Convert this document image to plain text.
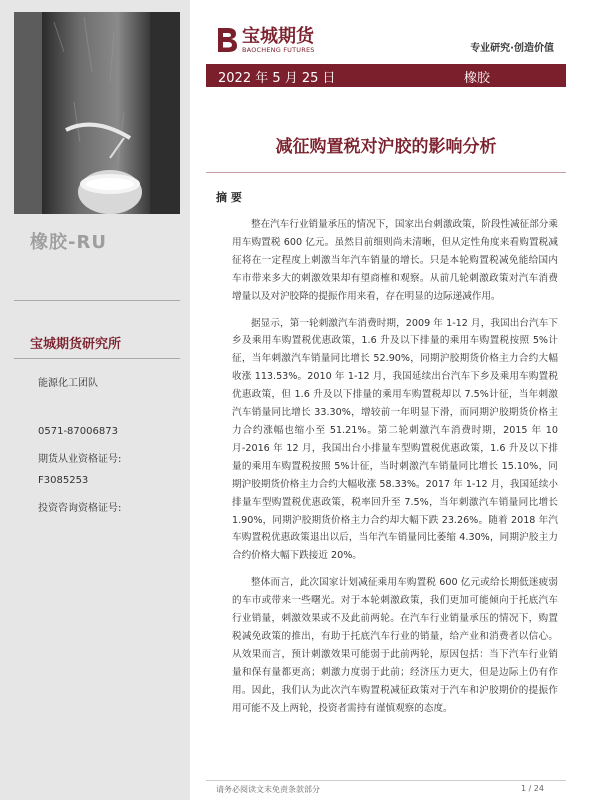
橡胶-RU
宝城期货研究所
能源化工团队
0571-87006873
期货从业资格证号:
F3085253
投资咨询资格证号:
宝城期货
BAOCHENG FUTURES	专业研究·创造价值
2022 年 5 月 25 日	橡胶
减征购置税对沪胶的影响分析
摘 要

整在汽车行业销量承压的情况下，国家出台刺激政策，阶段性减征部分乘用车购置税 600 亿元。虽然目前细则尚未清晰，但从定性角度来看购置税减征将在一定程度上刺激当年汽车销量的增长。只是本轮购置税减免能给国内车市带来多大的刺激效果却有望商榷和观察。从前几轮刺激政策对汽车消费增量以及对沪胶降的提振作用来看，存在明显的边际递减作用。

据显示，第一轮刺激汽车消费时期，2009 年 1-12 月，我国出台汽车下乡及乘用车购置税优惠政策，1.6 升及以下排量的乘用车购置税按照 5%计征，当年刺激汽车销量同比增长 52.90%，同期沪胶期货价格主力合约大幅收涨 113.53%。2010 年 1-12 月，我国延续出台汽车下乡及乘用车购置税优惠政策，但 1.6 升及以下排量的乘用车购置税却以 7.5%计征，当年刺激汽车销量同比增长 33.30%，增较前一年明显下滑，而同期沪胶期货价格主力合约涨幅也缩小至 51.21%。第二轮刺激汽车消费时期，2015 年 10 月-2016 年 12 月，我国出台小排量车型购置税优惠政策，1.6 升及以下排量的乘用车购置税按照 5%计征，当时刺激汽车销量同比增长 15.10%，同期沪胶期货价格主力合约大幅收涨 58.33%。2017 年 1-12 月，我国延续小排量车型购置税优惠政策，税率回升至 7.5%，当年刺激汽车销量同比增长 1.90%，同期沪胶期货价格主力合约却大幅下跌 23.26%。随着 2018 年汽车购置税优惠政策退出以后，当年汽车销量同比萎缩 4.30%，同期沪胶主力合约价格大幅下跌接近 20%。

整体而言，此次国家计划减征乘用车购置税 600 亿元或给长期低迷疲弱的车市或带来一些曙光。对于本轮刺激政策，我们更加可能倾向于托底汽车行业销量，刺激效果或不及此前两轮。在汽车行业销量承压的情况下，购置税减免政策的推出，有助于托底汽车行业的销量，给产业和消费者以信心。从效果而言，预计刺激效果可能弱于此前两轮，原因包括：当下汽车行业销量和保有量都更高；刺激力度弱于此前；经济压力更大，但是边际上仍有作用。因此，我们认为此次汽车购置税减征政策对于汽车和沪胶期价的提振作用可能不及上两轮，投资者需持有谨慎观察的态度。

请务必阅读文末免责条款部分	1 / 24
